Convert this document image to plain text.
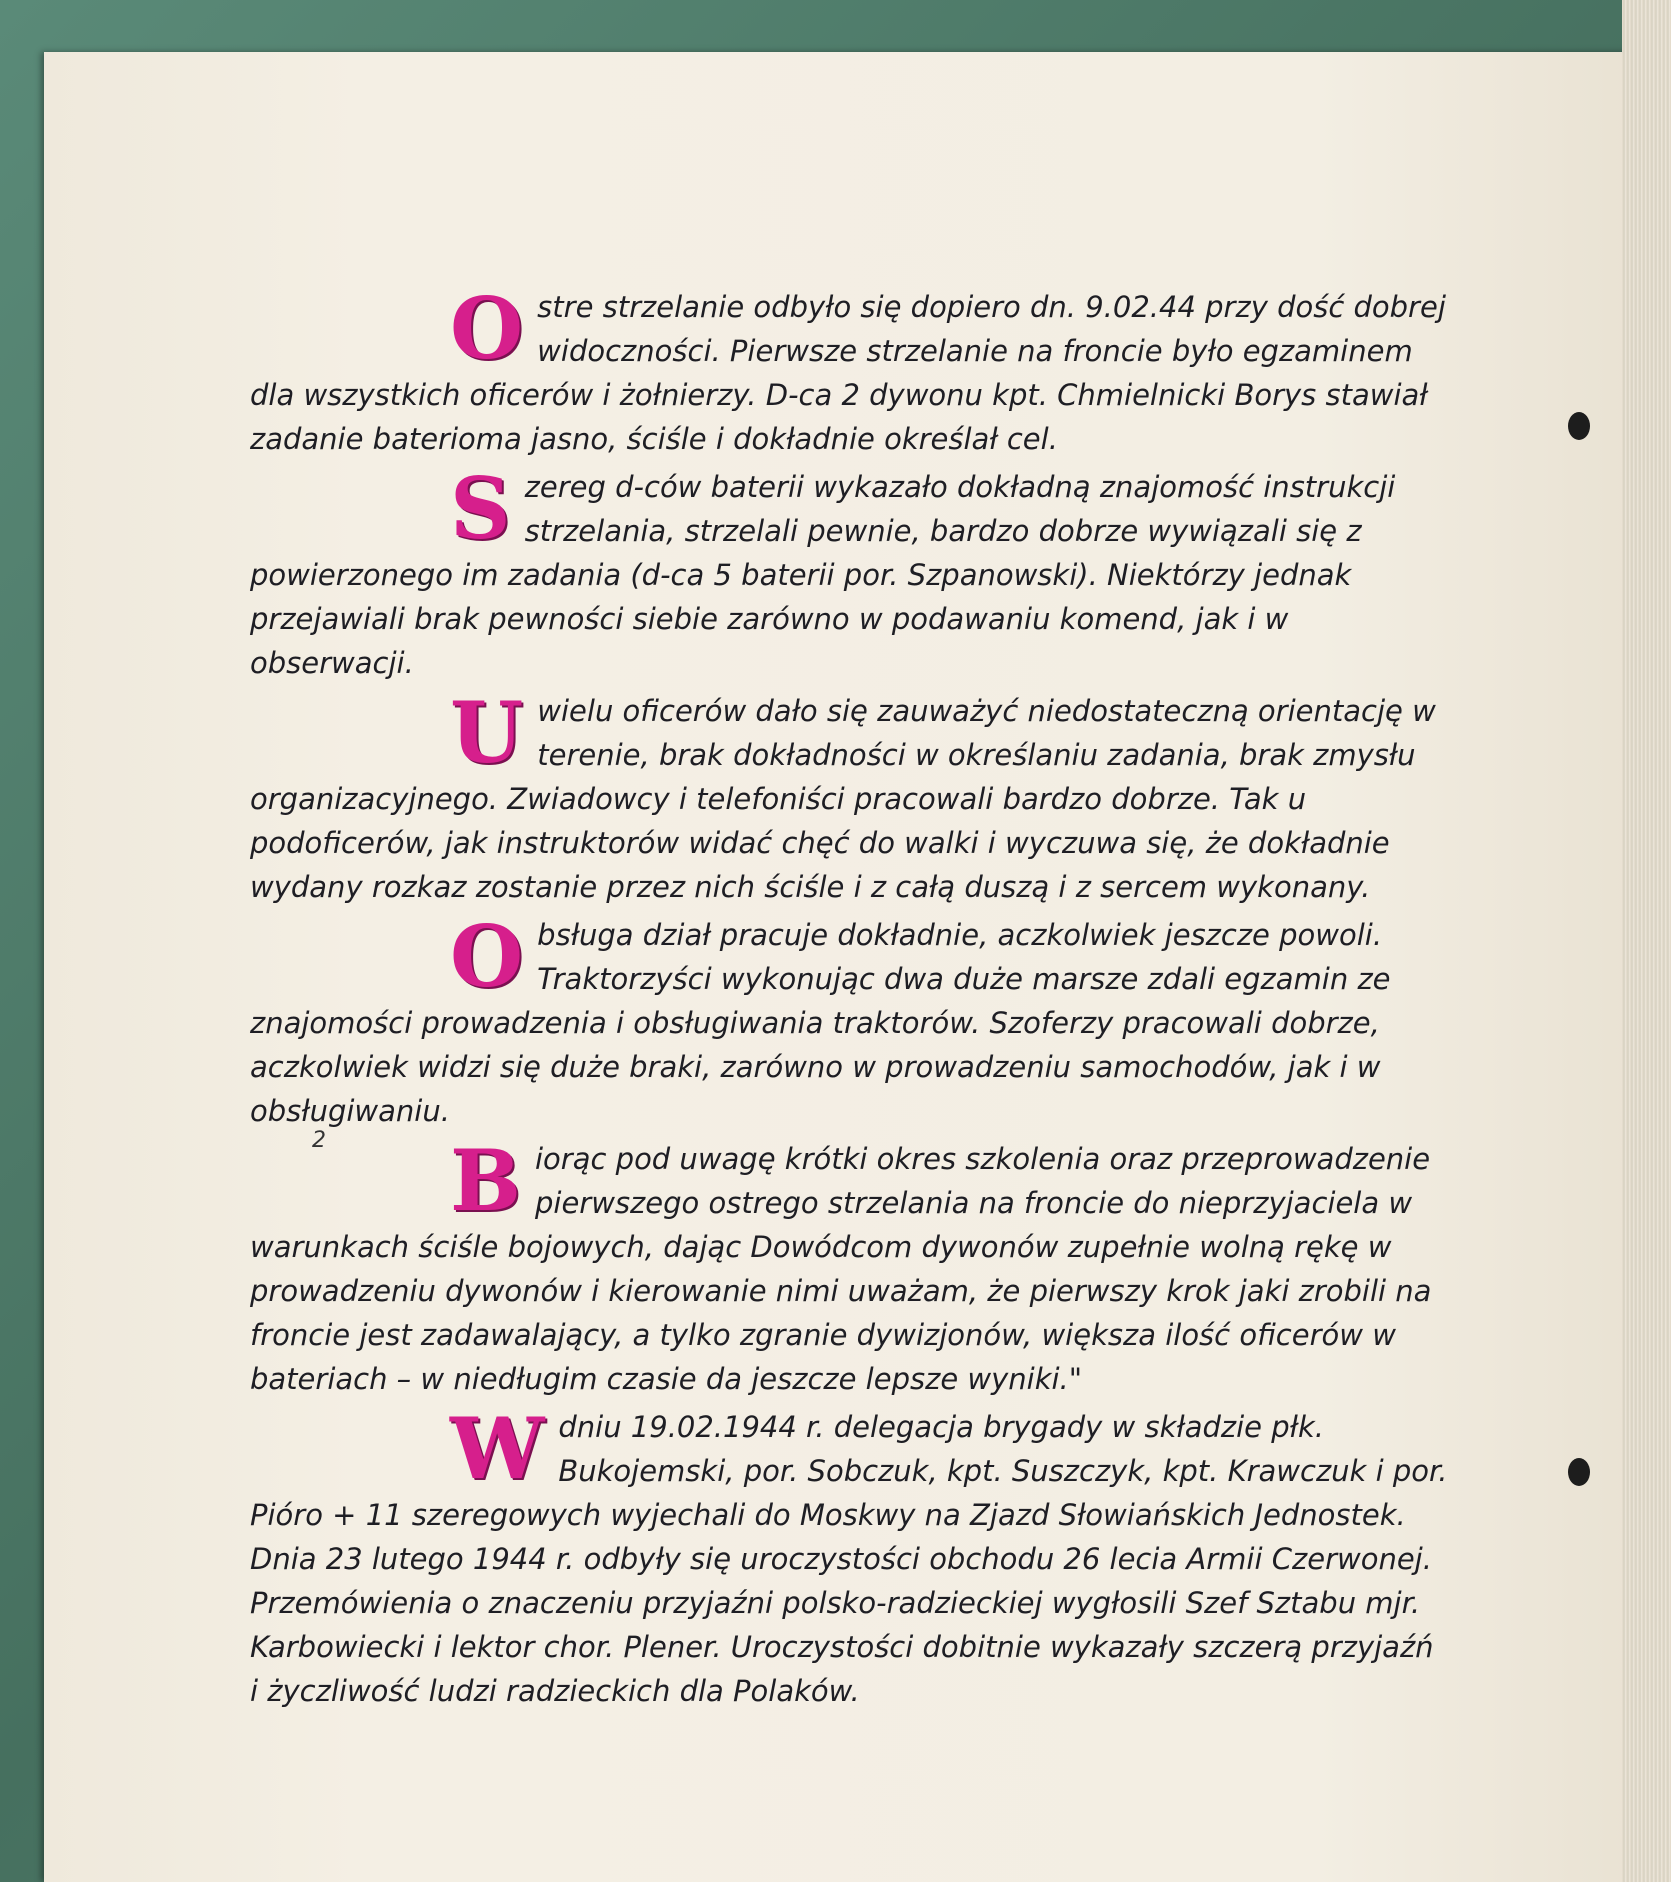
O stre strzelanie odbyło się dopiero dn. 9.02.44 przy dość dobrej widoczności. Pierwsze strzelanie na froncie było egzaminem dla wszystkich oficerów i żołnierzy. D-ca 2 dywonu kpt. Chmielnicki Borys stawiał zadanie baterioma jasno, ściśle i dokładnie określał cel.
S zereg d-ców baterii wykazało dokładną znajomość instrukcji strzelania, strzelali pewnie, bardzo dobrze wywiązali się z powierzonego im zadania (d-ca 5 baterii por. Szpanowski). Niektórzy jednak przejawiali brak pewności siebie zarówno w podawaniu komend, jak i w obserwacji.
U wielu oficerów dało się zauważyć niedostateczną orientację w terenie, brak dokładności w określaniu zadania, brak zmysłu organizacyjnego. Zwiadowcy i telefoniści pracowali bardzo dobrze. Tak u podoficerów, jak instruktorów widać chęć do walki i wyczuwa się, że dokładnie wydany rozkaz zostanie przez nich ściśle i z całą duszą i z sercem wykonany.
O bsługa dział pracuje dokładnie, aczkolwiek jeszcze powoli. Traktorzyści wykonując dwa duże marsze zdali egzamin ze znajomości prowadzenia i obsługiwania traktorów. Szoferzy pracowali dobrze, aczkolwiek widzi się duże braki, zarówno w prowadzeniu samochodów, jak i w obsługiwaniu.
B iorąc pod uwagę krótki okres szkolenia oraz przeprowadzenie pierwszego ostrego strzelania na froncie do nieprzyjaciela w warunkach ściśle bojowych, dając Dowódcom dywonów zupełnie wolną rękę w prowadzeniu dywonów i kierowanie nimi uważam, że pierwszy krok jaki zrobili na froncie jest zadawalający, a tylko zgranie dywizjonów, większa ilość oficerów w bateriach – w niedługim czasie da jeszcze lepsze wyniki."
W dniu 19.02.1944 r. delegacja brygady w składzie płk. Bukojemski, por. Sobczuk, kpt. Suszczyk, kpt. Krawczuk i por. Pióro + 11 szeregowych wyjechali do Moskwy na Zjazd Słowiańskich Jednostek. Dnia 23 lutego 1944 r. odbyły się uroczystości obchodu 26 lecia Armii Czerwonej. Przemówienia o znaczeniu przyjaźni polsko-radzieckiej wygłosili Szef Sztabu mjr. Karbowiecki i lektor chor. Plener. Uroczystości dobitnie wykazały szczerą przyjaźń i życzliwość ludzi radzieckich dla Polaków.
2
